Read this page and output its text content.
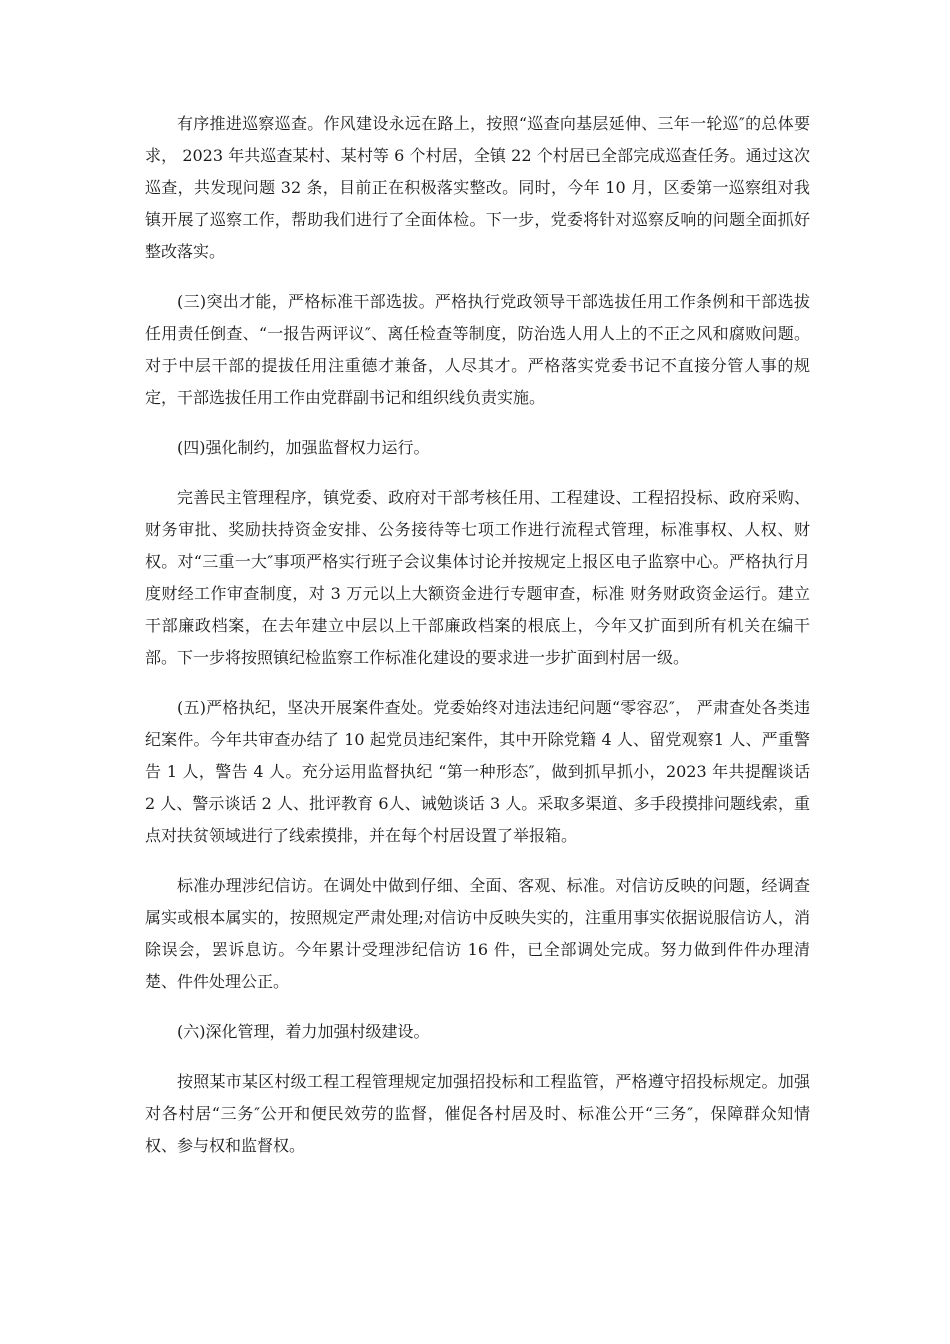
有序推进巡察巡查。作风建设永远在路上，按照“巡查向基层延伸、三年一轮巡″的总体要求， 2023 年共巡查某村、某村等 6 个村居，全镇 22 个村居已全部完成巡查任务。通过这次巡查，共发现问题 32 条，目前正在积极落实整改。同时，今年 10 月，区委第一巡察组对我镇开展了巡察工作，帮助我们进行了全面体检。下一步，党委将针对巡察反响的问题全面抓好整改落实。

(三)突出才能，严格标准干部选拔。严格执行党政领导干部选拔任用工作条例和干部选拔任用责任倒查、“一报告两评议″、离任检查等制度，防治选人用人上的不正之风和腐败问题。对于中层干部的提拔任用注重德才兼备，人尽其才。严格落实党委书记不直接分管人事的规定，干部选拔任用工作由党群副书记和组织线负责实施。

(四)强化制约，加强监督权力运行。

完善民主管理程序，镇党委、政府对干部考核任用、工程建设、工程招投标、政府采购、财务审批、奖励扶持资金安排、公务接待等七项工作进行流程式管理，标准事权、人权、财权。对“三重一大″事项严格实行班子会议集体讨论并按规定上报区电子监察中心。严格执行月度财经工作审查制度，对 3 万元以上大额资金进行专题审查，标准 财务财政资金运行。建立干部廉政档案，在去年建立中层以上干部廉政档案的根底上，今年又扩面到所有机关在编干部。下一步将按照镇纪检监察工作标准化建设的要求进一步扩面到村居一级。

(五)严格执纪，坚决开展案件查处。党委始终对违法违纪问题“零容忍″， 严肃查处各类违纪案件。今年共审查办结了 10 起党员违纪案件，其中开除党籍 4 人、留党观察1 人、严重警告 1 人，警告 4 人。充分运用监督执纪 “第一种形态″，做到抓早抓小，2023 年共提醒谈话 2 人、警示谈话 2 人、批评教育 6人、诫勉谈话 3 人。采取多渠道、多手段摸排问题线索，重点对扶贫领域进行了线索摸排，并在每个村居设置了举报箱。

标准办理涉纪信访。在调处中做到仔细、全面、客观、标准。对信访反映的问题，经调查属实或根本属实的，按照规定严肃处理;对信访中反映失实的，注重用事实依据说服信访人，消除误会，罢诉息访。今年累计受理涉纪信访 16 件，已全部调处完成。努力做到件件办理清楚、件件处理公正。

(六)深化管理，着力加强村级建设。

按照某市某区村级工程工程管理规定加强招投标和工程监管，严格遵守招投标规定。加强对各村居“三务″公开和便民效劳的监督，催促各村居及时、标准公开“三务″，保障群众知情权、参与权和监督权。
